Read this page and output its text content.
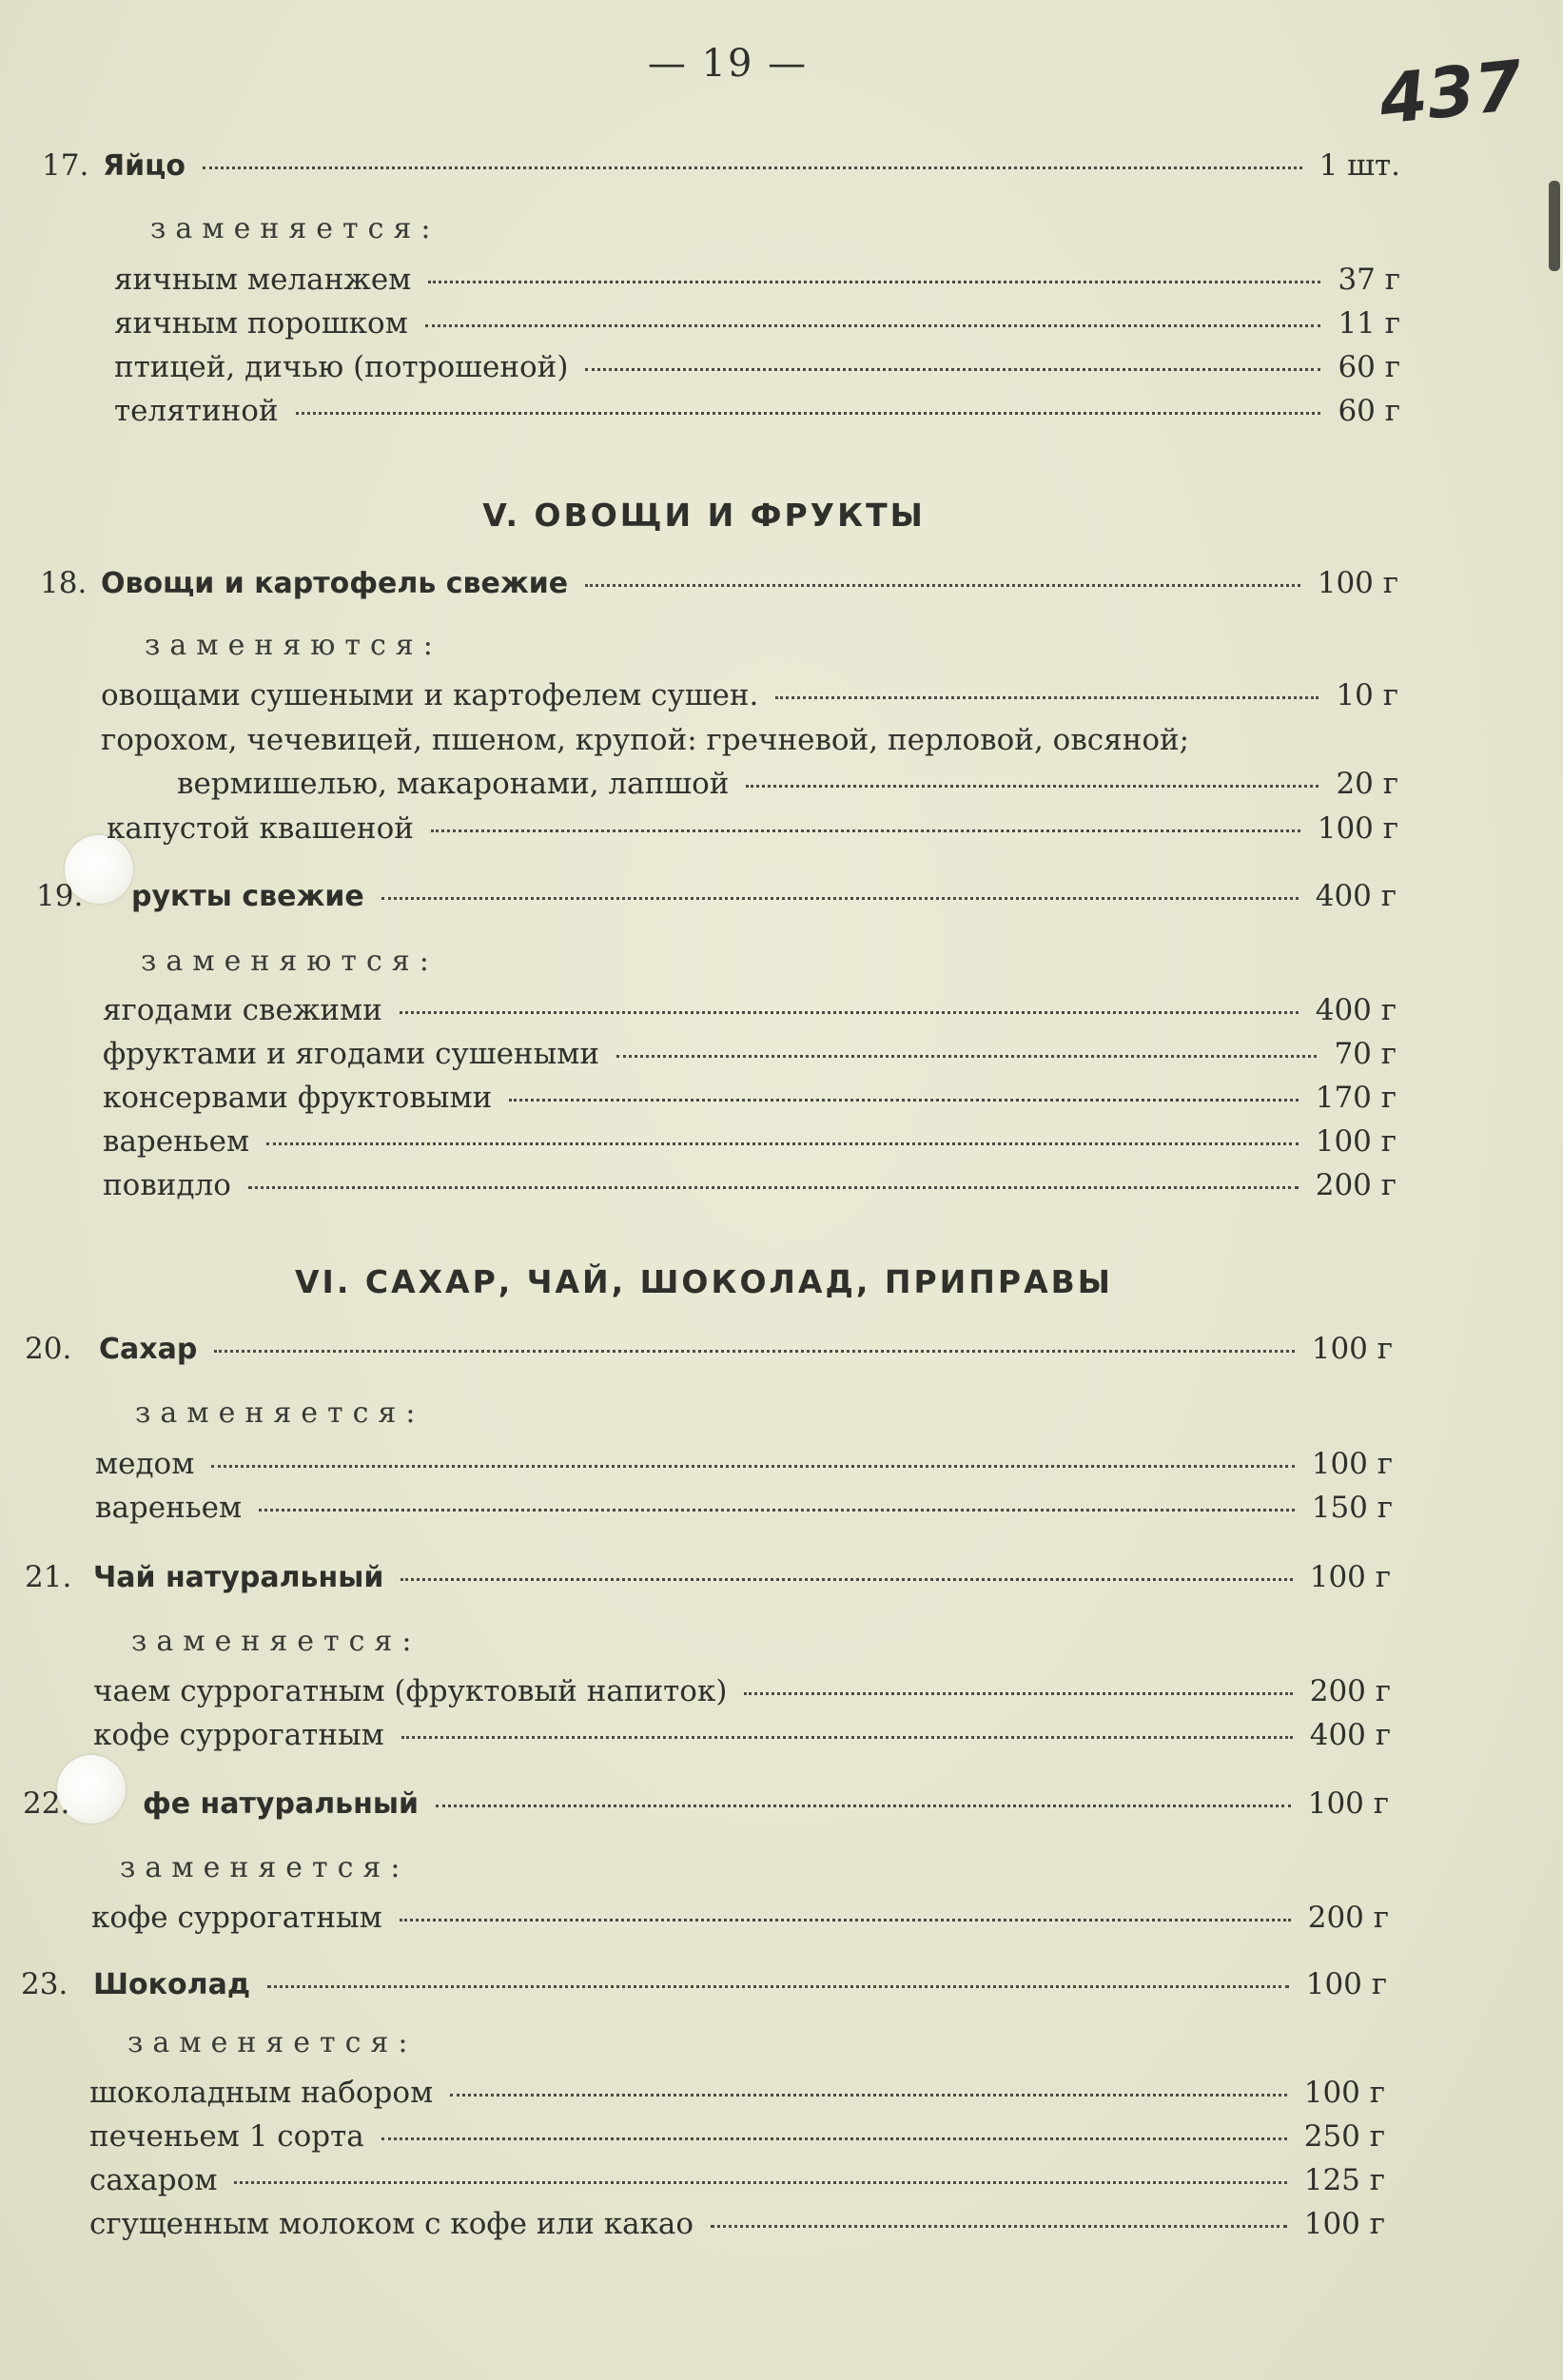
— 19 —	437
17. Яйцо	1 шт.
заменяется:
яичным меланжем	37 г
яичным порошком	11 г
птицей, дичью (потрошеной)	60 г
телятиной	60 г
V. ОВОЩИ И ФРУКТЫ
18. Овощи и картофель свежие	100 г
заменяются:
овощами сушеными и картофелем сушен.	10 г
горохом, чечевицей, пшеном, крупой: гречневой, перловой, овсяной;
вермишелью, макаронами, лапшой	20 г
капустой квашеной	100 г
19.	рукты свежие	400 г
заменяются:
ягодами свежими	400 г
фруктами и ягодами сушеными	70 г
консервами фруктовыми	170 г
вареньем	100 г
повидло	200 г
VI. САХАР, ЧАЙ, ШОКОЛАД, ПРИПРАВЫ
20. Сахар	100 г
заменяется:
медом	100 г
вареньем	150 г
21. Чай натуральный	100 г
заменяется:
чаем суррогатным (фруктовый напиток)	200 г
кофе суррогатным	400 г
22.	фе натуральный	100 г
заменяется:
кофе суррогатным	200 г
23. Шоколад	100 г
заменяется:
шоколадным набором	100 г
печеньем 1 сорта	250 г
сахаром	125 г
сгущенным молоком с кофе или какао	100 г
